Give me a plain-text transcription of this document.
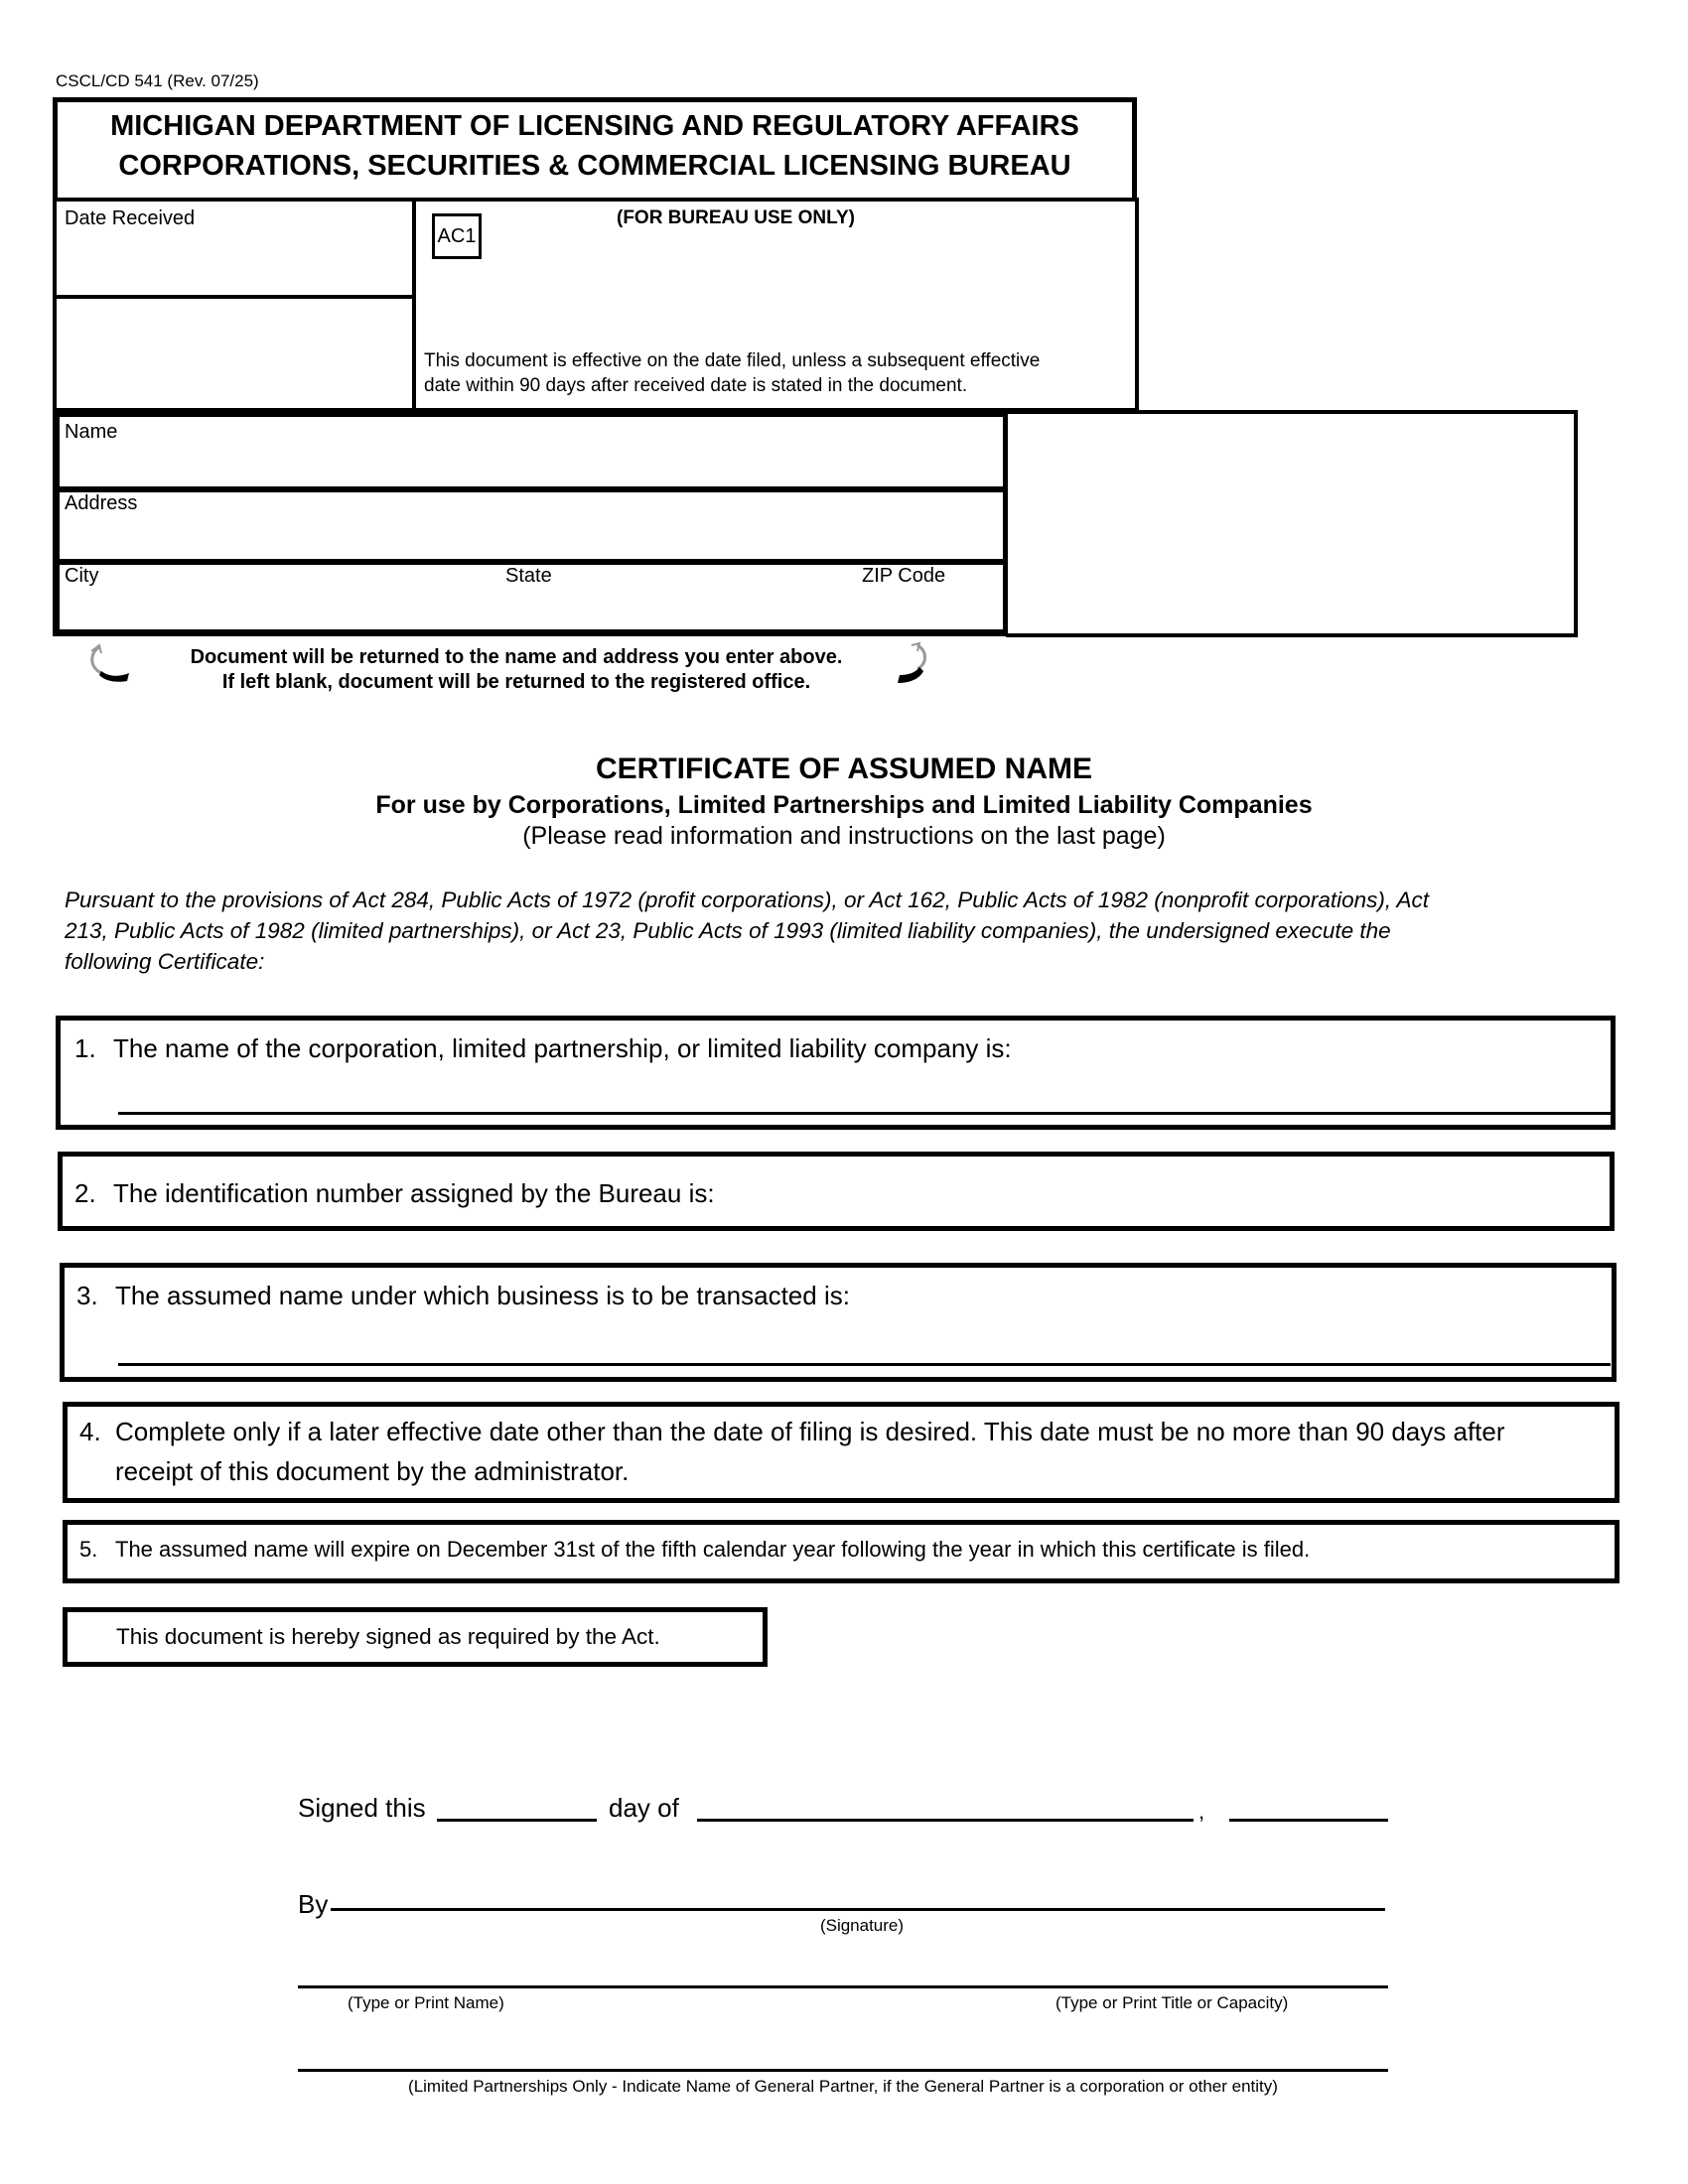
CSCL/CD 541 (Rev. 07/25)
MICHIGAN DEPARTMENT OF LICENSING AND REGULATORY AFFAIRS
CORPORATIONS, SECURITIES & COMMERCIAL LICENSING BUREAU
Date Received
AC1
(FOR BUREAU USE ONLY)
This document is effective on the date filed, unless a subsequent effective
date within 90 days after received date is stated in the document.
Name
Address
City	State	ZIP Code
Document will be returned to the name and address you enter above.
If left blank, document will be returned to the registered office.
CERTIFICATE OF ASSUMED NAME
For use by Corporations, Limited Partnerships and Limited Liability Companies
(Please read information and instructions on the last page)
Pursuant to the provisions of Act 284, Public Acts of 1972 (profit corporations), or Act 162, Public Acts of 1982 (nonprofit corporations), Act
213, Public Acts of 1982 (limited partnerships), or Act 23, Public Acts of 1993 (limited liability companies), the undersigned execute the
following Certificate:
1. The name of the corporation, limited partnership, or limited liability company is:
2. The identification number assigned by the Bureau is:
3. The assumed name under which business is to be transacted is:
4. Complete only if a later effective date other than the date of filing is desired. This date must be no more than 90 days after
receipt of this document by the administrator.
5. The assumed name will expire on December 31st of the fifth calendar year following the year in which this certificate is filed.
This document is hereby signed as required by the Act.
Signed this	day of	,
By
(Signature)
(Type or Print Name)	(Type or Print Title or Capacity)
(Limited Partnerships Only - Indicate Name of General Partner, if the General Partner is a corporation or other entity)
